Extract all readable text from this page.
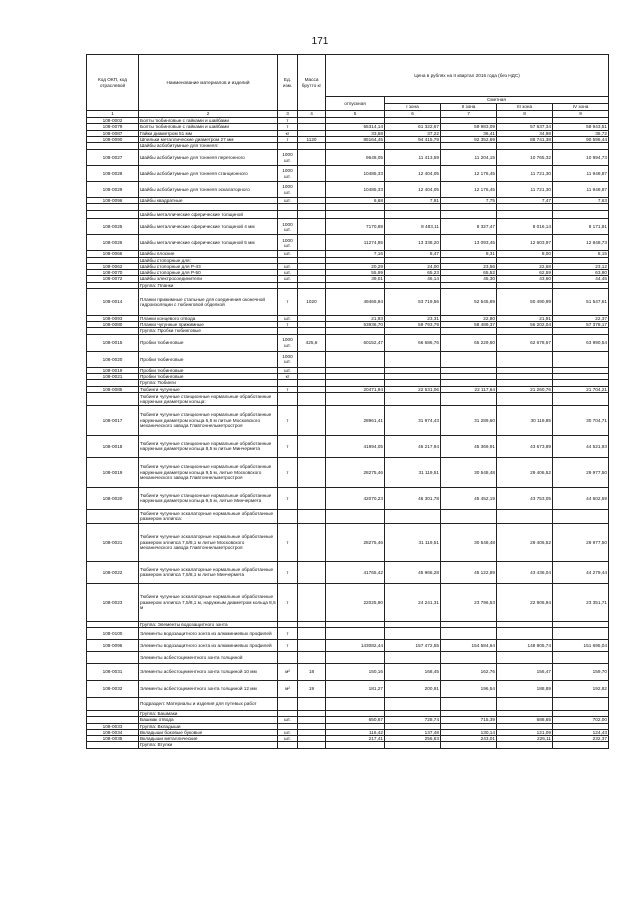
171
Код ОКП, код отраслевой	Наименование материалов и изделий	Ед. изм.	Масса брутто кг	Цена в рублях на II квартал 2016 года (без НДС)				
				отпускная	Сметная			
					I зона	II зона	III зона	IV зона
1	2	3	4	5	6	7	8	9
108-0002	Болты тюбинговые с гайками и шайбами	т						
108-0079	Болты тюбинговые с гайками и шайбами	т		55314,14	61 322,67	59 983,09	57 637,34	58 943,51
108-0087	Гайки диаметром 51 мм	кг		33,58	37,22	36,41	34,98	35,72
108-0090	Шпильки металлические диаметром 27 мм	т	1120	85164,45	94 415,79	92 352,69	88 741,38	90 596,44
	Шайбы асбобитумные для тоннеля:							
108-0027	Шайбы асбобитумные для тоннеля перегонного	1000 шт.		9648,05	11 413,59	11 204,15	10 765,32	10 994,73
108-0028	Шайбы асбобитумные для тоннеля станционного	1000 шт.		10485,33	12 404,05	12 176,45	11 721,30	11 948,87
108-0029	Шайбы асбобитумные для тоннеля эскалаторного	1000 шт.		10485,33	12 404,05	12 176,45	11 721,30	11 948,87
108-0096	Шайбы квадратные	шт.		6,68	7,91	7,75	7,47	7,63

	Шайбы металлические сферические толщиной							
108-0025	Шайбы металлические сферические толщиной 4 мм	1000 шт.		7170,89	8 483,11	8 327,47	8 016,14	8 171,81
108-0026	Шайбы металлические сферические толщиной 5 мм	1000 шт.		11274,95	13 338,20	13 093,45	12 603,97	12 848,73
108-0066	Шайбы плоские	шт.		7,16	8,47	8,31	8,00	8,15
	Шайбы стопорные для:							
108-0062	Шайбы стопорные для Р-43	шт.		20,29	24,00	23,56	22,68	23,12
108-0070	Шайбы стопорные для Р-50	шт.		55,99	65,23	65,52	62,59	63,80
108-0072	Шайбы электросоединители	шт.		39,01	46,14	45,30	43,60	44,45
	Группа: Планки							
108-0014	Планки прижимные стальные для соединения оконечной гидроизоляции с тюбинговой обделкой	т	1020	49465,94	53 719,56	52 545,89	50 490,99	51 547,61
108-0093	Планки концевого отвода	шт.		21,93	23,31	22,80	21,91	22,37
108-0080	Планки чугунные прижимные	т		53936,70	59 793,79	58 489,37	56 202,04	57 378,17
	Группа: Пробки тюбинговые							
108-0015	Пробки тюбинговые	1000 шт.	425,6	60152,47	66 686,76	65 229,60	62 678,67	63 990,54
108-0020	Пробки тюбинговые	1000 шт.						
108-0019	Пробки тюбинговые	шт.						
108-0021	Пробки тюбинговые	кг						
	Группа: Тюбинги							
108-0085	Тюбинги чугунные	т		20471,94	22 531,06	22 117,64	21 260,76	21 704,21
	Тюбинги чугунные станционные нормальные обработанные наружным диаметром кольца:							
108-0017	Тюбинги чугунные станционные нормальные обработанные наружным диаметром кольца 6,5 м литые Московского механического завода Главтоннельметростроя	т		28961,41	31 974,43	31 289,60	30 119,85	30 704,71
108-0018	Тюбинги чугунные станционные нормальные обработанные наружным диаметром кольца 8,5 м литые Минчермета	т		41994,05	46 217,94	45 369,91	43 673,89	44 521,93
108-0019	Тюбинги чугунные станционные нормальные обработанные наружным диаметром кольца 9,5 м, литые Московского механического завода Главтоннельметростроя	т		28275,46	31 119,51	30 548,48	29 406,52	29 977,50
108-0020	Тюбинги чугунные станционные нормальные обработанные наружным диаметром кольца 9,5 м, литые Минчермета	т		42070,23	46 301,78	45 452,19	43 753,05	44 602,59
	Тюбинги чугунные эскалаторные нормальные обработанные размером эллипса:							
108-0021	Тюбинги чугунные эскалаторные нормальные обработанные размером эллипса 7,5/8,1 м литые Московского механического завода Главтоннельметростроя	т		28275,46	31 119,51	30 548,48	29 406,52	29 977,50
108-0022	Тюбинги чугунные эскалаторные нормальные обработанные размером эллипса 7,5/8,1 м литые Минчермета	т		41765,42	45 966,28	45 122,89	43 436,04	44 279,44
108-0023	Тюбинги чугунные эскалаторные нормальные обработанные размером эллипса 7,5/8,1 м, наружным диаметром кольца 8,5 м	т		22025,90	24 241,31	23 796,53	22 906,94	23 351,71
	Группа: Элементы водозащитного зонта							
108-0100	Элементы водозащитного зонта из алюминиевых профилей	т						
108-0096	Элементы водозащитного зонта из алюминиевых профилей	т		143082,44	157 472,55	154 584,64	148 805,74	151 695,04
	Элементы асбестоцементного зонта толщиной							
108-0031	Элементы асбестоцементного зонта толщиной 10 мм	м²	18	150,16	168,45	162,76	156,47	159,70
108-0032	Элементы асбестоцементного зонта толщиной 12 мм	м²	19	181,27	200,91	196,54	188,89	192,82
	Подраздел: Материалы и изделия для путевых работ							
	Группа: Башмаки							
	Башмак отвода	шт.		650,67	728,74	715,39	688,65	702,00
108-0033	Группа: Вкладыши							
108-0034	Вкладыши боковые буковые	шт.		116,42	137,48	130,14	121,09	124,43
108-0035	Вкладыши металлические	шт.		217,41	256,63	243,01	226,11	232,37
	Группа: Втулки							
